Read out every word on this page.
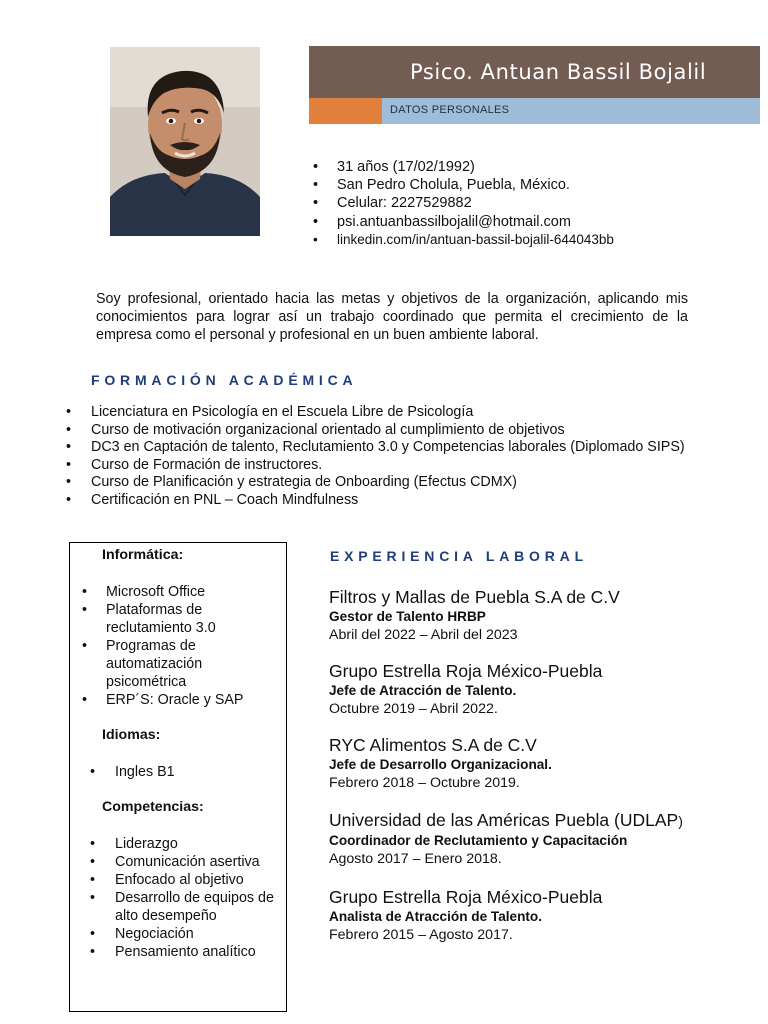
Psico. Antuan Bassil Bojalil
DATOS PERSONALES
• 31 años (17/02/1992)
• San Pedro Cholula, Puebla, México.
• Celular: 2227529882
• psi.antuanbassilbojalil@hotmail.com
• linkedin.com/in/antuan-bassil-bojalil-644043bb

Soy profesional, orientado hacia las metas y objetivos de la organización, aplicando mis conocimientos para lograr así un trabajo coordinado que permita el crecimiento de la empresa como el personal y profesional en un buen ambiente laboral.

FORMACIÓN ACADÉMICA
• Licenciatura en Psicología en el Escuela Libre de Psicología
• Curso de motivación organizacional orientado al cumplimiento de objetivos
• DC3 en Captación de talento, Reclutamiento 3.0 y Competencias laborales (Diplomado SIPS)
• Curso de Formación de instructores.
• Curso de Planificación y estrategia de Onboarding (Efectus CDMX)
• Certificación en PNL – Coach Mindfulness
Informática:
• Microsoft Office
• Plataformas de reclutamiento 3.0
• Programas de automatización psicométrica
• ERP´S: Oracle y SAP
Idiomas:
• Ingles B1
Competencias:
• Liderazgo
• Comunicación asertiva
• Enfocado al objetivo
• Desarrollo de equipos de alto desempeño
• Negociación
• Pensamiento analítico
EXPERIENCIA LABORAL
Filtros y Mallas de Puebla S.A de C.V
Gestor de Talento HRBP
Abril del 2022 – Abril del 2023
Grupo Estrella Roja México-Puebla
Jefe de Atracción de Talento.
Octubre 2019 – Abril 2022.
RYC Alimentos S.A de C.V
Jefe de Desarrollo Organizacional.
Febrero 2018 – Octubre 2019.
Universidad de las Américas Puebla (UDLAP)
Coordinador de Reclutamiento y Capacitación
Agosto 2017 – Enero 2018.
Grupo Estrella Roja México-Puebla
Analista de Atracción de Talento.
Febrero 2015 – Agosto 2017.
